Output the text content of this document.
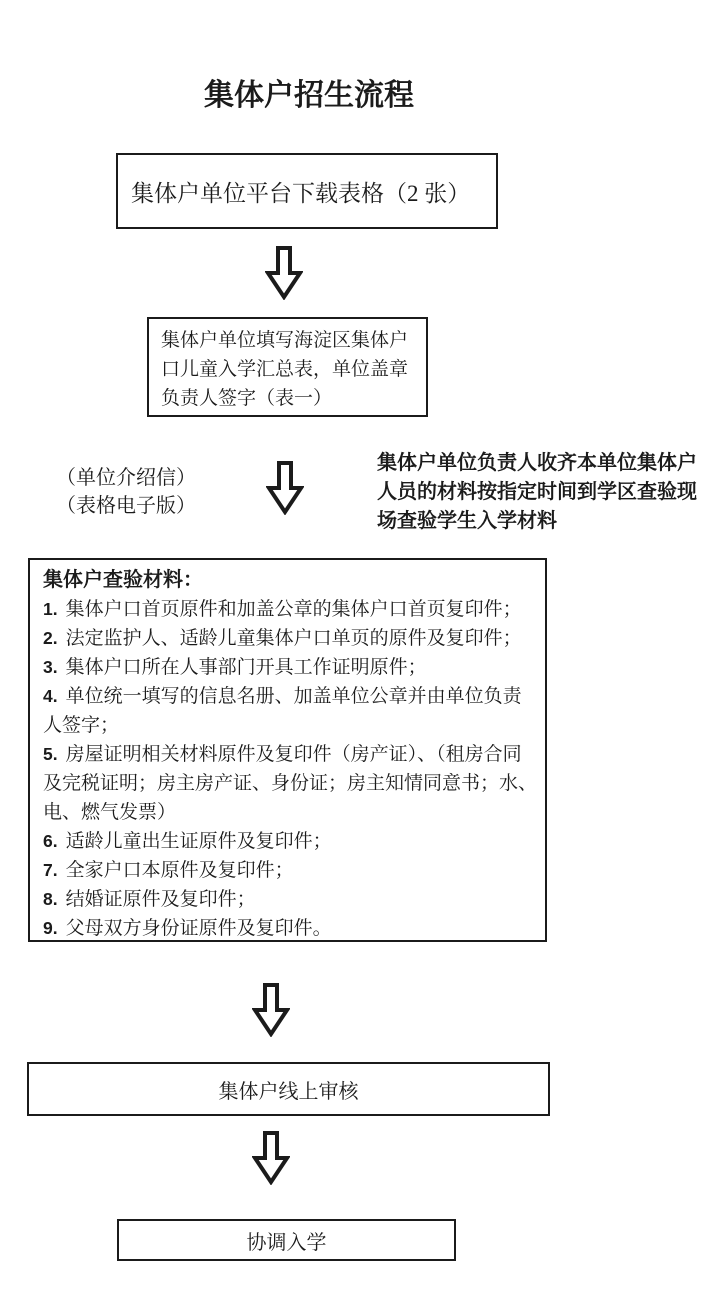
集体户招生流程
集体户单位平台下载表格（2 张）
集体户单位填写海淀区集体户口儿童入学汇总表，单位盖章负责人签字（表一）
（单位介绍信）
（表格电子版）
集体户单位负责人收齐本单位集体户人员的材料按指定时间到学区查验现场查验学生入学材料
集体户查验材料：
1. 集体户口首页原件和加盖公章的集体户口首页复印件；
2. 法定监护人、适龄儿童集体户口单页的原件及复印件；
3. 集体户口所在人事部门开具工作证明原件；
4. 单位统一填写的信息名册、加盖单位公章并由单位负责人签字；
5. 房屋证明相关材料原件及复印件（房产证）、（租房合同及完税证明；房主房产证、身份证；房主知情同意书；水、电、燃气发票）
6. 适龄儿童出生证原件及复印件；
7. 全家户口本原件及复印件；
8. 结婚证原件及复印件；
9. 父母双方身份证原件及复印件。
集体户线上审核
协调入学
